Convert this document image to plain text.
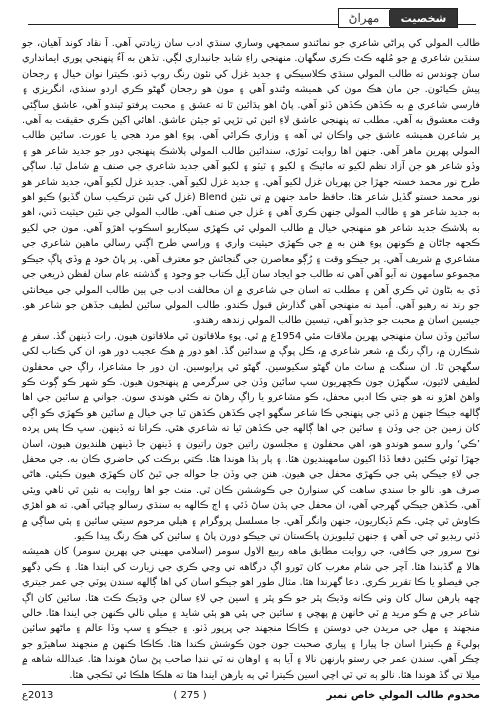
مهراڻ	شخصيت

طالب المولي کي پراڻي شاعري جو نمائندو سمجهي وساري سنڌي ادب سان زيادتي آهي. آ نقاد کوند آهيان، جو سنڌين شاعري ۾ جو مُلهه ڪٿ ڪري سگهان. منهنجي راءِ شايد جانبداري لڳي. تڏهن به آءُ پنهنجي پوري ايمانداري سان چوندس ته طالب المولي سنڌي ڪلاسيڪي ۽ جديد غزل کي نئون رنگ روپ ڏنو. ڪيترا نوان خيال ۽ رجحان پيش ڪيائون. جن مان هڪ مون کي هميشه وڻندو آهي ۽ مون هو رجحان گهڻو ڪري اردو سنڌي، انگريزي ۽ فارسي شاعري ۾ به ڪڏهن ڪڏهن ڏٺو آهي. پاڻ اهو ٻڌائين ٿا ته عشق ۽ محبت پرفتو ٿيندو آهي، عاشق ساڳئي وقت معشوق به آهي. مطلب ته پنهنجي عاشق لاءِ ائين ئي تڙپي ٿو جيئن عاشق. اهائي اکين ڪري حقيقت به آهي. پر شاعرن هميشه عاشق جي واڪان ٿي آهه ۽ وزاري ڪرائي آهي. پوءِ اهو مرد هجي يا عورت. سائين طالب المولي پهرين ماهر آهي. جنهن اها روايت ٽوڙي، سندائين طالب المولي ٻلاشڪ پنهنجي دور جو جديد شاعر هو ۽ وڏو شاعر هو جن آزاد نظم لکيو ته مائيڪ ۽ لکيو ۽ ٽيٽو ۽ لکيو آهي جديد شاعري جي صنف ۾ شامل ٿيا. ساڳي طرح نور محمد خستہ جهڙا جن پهريان غزل لکيو آهي. ۽ جديد غزل لکيو آهي. جديد غزل لکيو آهي، جديد شاعر هو نور محمد خستو گڏيل شاعر هئا. حافظ حامد جنهن ۾ تي نئين Blend (غزل کي نئين ترڪيب سان گڏيو) ڪيو اهو به جديد شاعر هو ۽ طالب المولي جنهن ڪري آهي ۽ غزل جي صنف آهي. طالب المولي جي نئين حيثيت ڏني، اهو به ٻلاشڪ جديد شاعر هو منهنجي خيال ۾ طالب المولي ئي ڪهڙي سيکاريو اسڪوپ اهڙو آهي. مون جي لکيو ڪجهه ڄاڻان ۾ ڪونهن پوءِ هنن به ۾ جي ڪهڙي حيثيت واري ۽ وراسي طرح اڳتي رسالي ماهين شاعري جي مشاعري ۾ شريف آهي. پر جيڪو وقت ۽ رُڳو معاصرن جي گنجائش جو معترف آهي. پر پاڻ خود ۾ وڏي ڀاڳ جيڪو مجموعو سامهون نه آيو آهي آهي ته طالب جو ايجاد سان آيل ڪتاب جو وجود ۽ گذشته عام سان لفظن ذريعي جي ڏي به بڻاون ٿي ڪري آهن ۽ مطلب ته اسان جي شاعري ۾ ان مخالفت ادب جي ٻين طالب المولي جي ميخانئي جو رند نه رهيو آهي. اُميد نه منهنجي آهي گذارش قبول ڪندو. طالب المولي سائين لطيف جڏهن جو شاعر هو. جيسين اسان ۾ محبت جو جذبو آهي، تيسين طالب المولي زندهه رهندو.

سائين وڏن سان منهنجي پهرين ملاقات مئي 1954ع ۾ ٿي. پوءِ ملاقاتون ٿي ملاقاتون هيون. رات ڏينهن گڏ. سفر ۾ شڪارن ۾، راڳ رنگ ۾، شعر شاعري ۾، ڪل پوڳ ۾ سدائين گڏ. اهو دور ۾ هڪ عجيب دور هو، ان کي ڪتاب لکي سگهجن ٿا. ان سنگت ۾ ساٿ مان گهڻو سکيوسين. گهڻو ئي پرايوسين. ان دور جا مشاعرا، راڳ جي محفلون لطيفي لائيون، سگهڙن جون ڪچهريون سڀ سائين وڏن جي سرگرمي ۾ پنهنجون هيون. ڪو شهر ڪو ڳوٺ ڪو واهڻ اهڙو نه هو جتي ڪا ادبي محفل، ڪو مشاعرو يا راڳ رهاڻ نه ڪئي هوندي سون. جواني ۾ سائين جي اها ڳالهه جيڪا جنهن ۾ ڏٺي جي پنهنجي ڪا شاعر سگهو اچي ڪڏهن ڪڏهن ٿيا جي خيال ۾ سائين هو ڪهڙي ڪو اڳي کان زمين جن جي وڏن ۽ سائين جي اها ڳالهه جي ڪڏهن ٿيا ته شاعري هئي. ڪراتا ته ڏينهن. سڀ ڪا پس پرده ’ڪي‘ وارو سمو هوندو هو، اهي محفلون ۽ مجلسون راتين جون راتيون ۽ ڏينهن جا ڏينهن هلنديون هيون، اسان جهڙا ٽوئي ڪئين دفعا ڏڌا اکيون سامهينديون هئا. ۽ ٻار ٻڌا هوندا هئا. ڪتي برڪت کي حاضري ڪان به. جي محفل جي لاءِ جيڪي ٻئي جي ڪهڙي محفل جي هيون. هنن جي وڏن جا حواله جي ٿيڻ کان ڪهڙي هيون ڪيئي. هاڻي صرف هو. نالو جا سندي ساهت کي سنوارڻ جي ڪوششن ڪان ٿي. منٺ جو اها روايت به نئين ٿي ٺاهي ويئي آهي. ڪڏهن جيڪي گهرجي آهي، ان محفل جي ٻڌن ساڻ ڏئي ۽ اڄ ڪالهه به سنڌي رسالو ڇپائي آهي. ته هو اهڙي ڪاوش ٿي چئي. ڪم ڏيکاريون، جنهن وانگر آهي. جا مسلسل پروگرام ۽ هيلي مرحوم سيتي سائين ۽ ٻئي ساڳي ۾ ڏٺي ريڊيو ٿي جي آهي ۽ جنهن ٽيليويزن پاڪستان تي جيڪو دورن پاڻ ۽ سائين کي هڪ رنگ پيدا ڪيو.

نوح سرور جي ڪافي، جي روايت مطابق ماهه ربيع الاول سومر (اسلامي مهيني جي پهرين سومر) کان هميشه هالا ۾ گڏبندا هئا. آچر جي شام مغرب کان ٿورو اڳ درگاهه تي وڃي ڪري جي زيارت کي ايندا هئا. ۽ ڪي ڊگهو جي فيصلو يا ڪا تقرير ڪري. دعا گهرندا هئا. مثال طور اهو جيڪو اسان کي اها ڳالهه سندن پوٽي جي عمر جيتري ڇهه ٻارهن سال کان وٺي ڪانه وڌيڪ پٿر جو ڪو پٿر ۽ اسين جي لاءِ سالن جي وڌيڪ ڪٿ هئا. سائين کان اڳ شاعر جي ۾ ڪو مريد ۾ ٽي خانهن ۾ پهچي ۽ سائين جي ٻئي هو ٻئي شايد ۽ ميلي نالي ڪنهن جي ايندا هئا. خالي منجهند ۽ مهل جي مريدن جي دوستن ۽ ڪاڪا منجهند جي ڀرپور ڏٺو. ۽ جيڪو ۽ سڀ وڏا عالم ۽ ماڻهو سائين ٻوليءَ ۾ ڪيترا اسان جا پيارا ۽ پياري صحبت جون جون ڪوشش ڪندا هئا. ڪاڪا ڪنهن ۾ منجهند ساهيڙو جو چڪر آهي. سندن عمر جي رستو ٻارنهن نالا ۽ آيا ٻه ۽ اوهان نه ٽي ننڍا صاحب پڻ ساڻ هوندا هئا. عبدالله شاهه ۾ ميلا تي گڏ هوندا هئا. نالو ٻه تي ٽي اچي اسين ڪيترا ئي ٻه يارهن ايندا هئا ته هلڪا هلڪا ئي ٿڪجي هئا.

2013ع	( 275 )	مخدوم طالب المولي خاص نمبر
